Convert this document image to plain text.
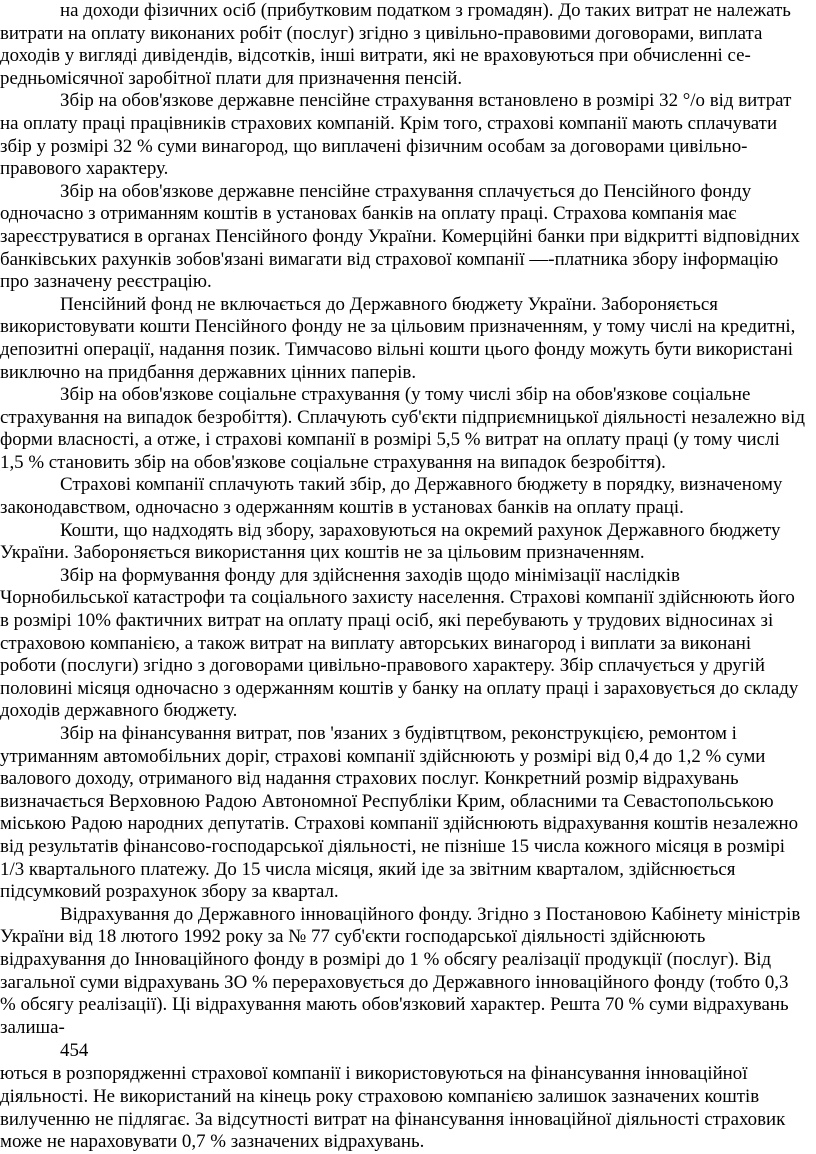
на доходи фізичних осіб (прибутковим податком з громадян). До таких витрат не належать витрати на оплату виконаних робіт (послуг) згідно з цивільно-правовими договорами, виплата доходів у вигляді дивідендів, відсотків, інші витрати, які не враховуються при обчисленні се-редньомісячної заробітної плати для призначення пенсій.

Збір на обов'язкове державне пенсійне страхування встановлено в розмірі 32 °/о від витрат на оплату праці працівників страхових компаній. Крім того, страхові компанії мають сплачувати збір у розмірі 32 % суми винагород, що виплачені фізичним особам за договорами цивільно-правового характеру.

Збір на обов'язкове державне пенсійне страхування сплачується до Пенсійного фонду одночасно з отриманням коштів в установах банків на оплату праці. Страхова компанія має зареєструватися в органах Пенсійного фонду України. Комерційні банки при відкритті відповідних банківських рахунків зобов'язані вимагати від страхової компанії —-платника збору інформацію про зазначену реєстрацію.

Пенсійний фонд не включається до Державного бюджету України. Забороняється використовувати кошти Пенсійного фонду не за цільовим призначенням, у тому числі на кредитні, депозитні операції, надання позик. Тимчасово вільні кошти цього фонду можуть бути використані виключно на придбання державних цінних паперів.

Збір на обов'язкове соціальне страхування (у тому числі збір на обов'язкове соціальне страхування на випадок безробіття). Сплачують суб'єкти підприємницької діяльності незалежно від форми власності, а отже, і страхові компанії в розмірі 5,5 % витрат на оплату праці (у тому числі 1,5 % становить збір на обов'язкове соціальне страхування на випадок безробіття).

Страхові компанії сплачують такий збір, до Державного бюджету в порядку, визначеному законодавством, одночасно з одержанням коштів в установах банків на оплату праці.

Кошти, що надходять від збору, зараховуються на окремий рахунок Державного бюджету України. Забороняється використання цих коштів не за цільовим призначенням.

Збір на формування фонду для здійснення заходів щодо мінімізації наслідків Чорнобильської катастрофи та соціального захисту населення. Страхові компанії здійснюють його в розмірі 10% фактичних витрат на оплату праці осіб, які перебувають у трудових відносинах зі страховою компанією, а також витрат на виплату авторських винагород і виплати за виконані роботи (послуги) згідно з договорами цивільно-правового характеру. Збір сплачується у другій половині місяця одночасно з одержанням коштів у банку на оплату праці і зараховується до складу доходів державного бюджету.

Збір на фінансування витрат, пов 'язаних з будівтцтвом, реконструкцією, ремонтом і утриманням автомобільних доріг, страхові компанії здійснюють у розмірі від 0,4 до 1,2 % суми валового доходу, отриманого від надання страхових послуг. Конкретний розмір відрахувань визначається Верховною Радою Автономної Республіки Крим, обласними та Севастопольською міською Радою народних депутатів. Страхові компанії здійснюють відрахування коштів незалежно від результатів фінансово-господарської діяльності, не пізніше 15 числа кожного місяця в розмірі 1/3 квартального платежу. До 15 числа місяця, який іде за звітним кварталом, здійснюється підсумковий розрахунок збору за квартал.

Відрахування до Державного інноваційного фонду. Згідно з Постановою Кабінету міністрів України від 18 лютого 1992 року за № 77 суб'єкти господарської діяльності здійснюють відрахування до Інноваційного фонду в розмірі до 1 % обсягу реалізації продукції (послуг). Від загальної суми відрахувань ЗО % перераховується до Державного інноваційного фонду (тобто 0,3 % обсягу реалізації). Ці відрахування мають обов'язковий характер. Решта 70 % суми відрахувань залиша-

454

ються в розпорядженні страхової компанії і використовуються на фінансування інноваційної діяльності. Не використаний на кінець року страховою компанією залишок зазначених коштів вилученню не підлягає. За відсутності витрат на фінансування інноваційної діяльності страховик може не нараховувати 0,7 % зазначених відрахувань.
